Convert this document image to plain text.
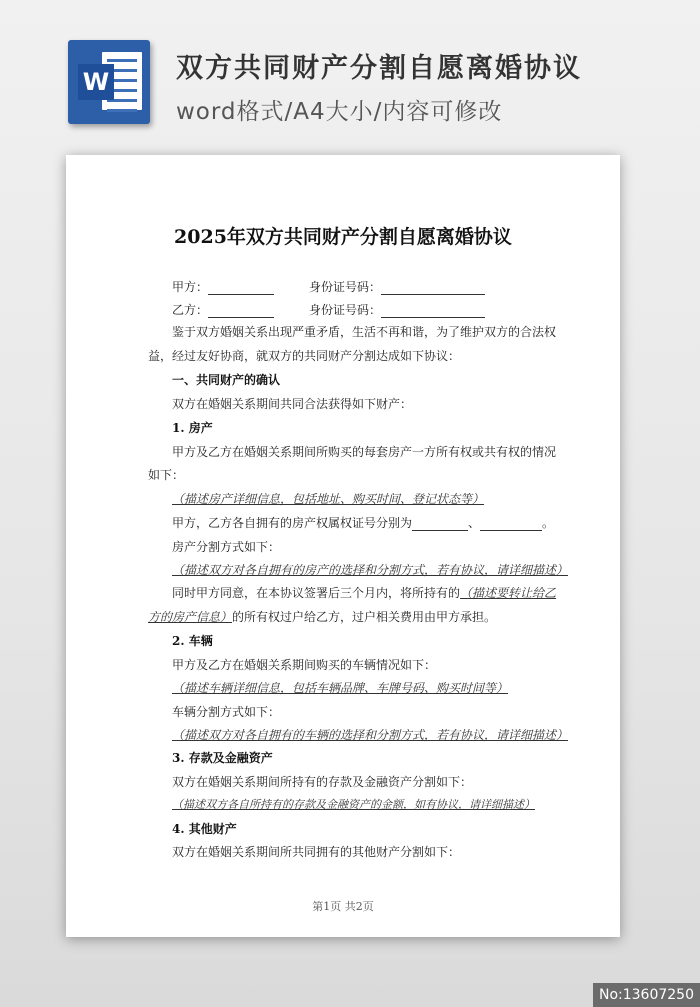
W 双方共同财产分割自愿离婚协议
word格式/A4大小/内容可修改
2025年双方共同财产分割自愿离婚协议
甲方：	身份证号码：
乙方：	身份证号码：
鉴于双方婚姻关系出现严重矛盾，生活不再和谐，为了维护双方的合法权
益，经过友好协商，就双方的共同财产分割达成如下协议：
一、共同财产的确认
双方在婚姻关系期间共同合法获得如下财产：
1. 房产
甲方及乙方在婚姻关系期间所购买的每套房产一方所有权或共有权的情况
如下：
（描述房产详细信息，包括地址、购买时间、登记状态等）
甲方，乙方各自拥有的房产权属权证号分别为	、	。
房产分割方式如下：
（描述双方对各自拥有的房产的选择和分割方式，若有协议，请详细描述）
同时甲方同意，在本协议签署后三个月内，将所持有的（描述要转让给乙
方的房产信息）的所有权过户给乙方，过户相关费用由甲方承担。
2. 车辆
甲方及乙方在婚姻关系期间购买的车辆情况如下：
（描述车辆详细信息，包括车辆品牌、车牌号码、购买时间等）
车辆分割方式如下：
（描述双方对各自拥有的车辆的选择和分割方式，若有协议，请详细描述）
3. 存款及金融资产
双方在婚姻关系期间所持有的存款及金融资产分割如下：
（描述双方各自所持有的存款及金融资产的金额，如有协议，请详细描述）
4. 其他财产
双方在婚姻关系期间所共同拥有的其他财产分割如下：
第1页 共2页
No:13607250
